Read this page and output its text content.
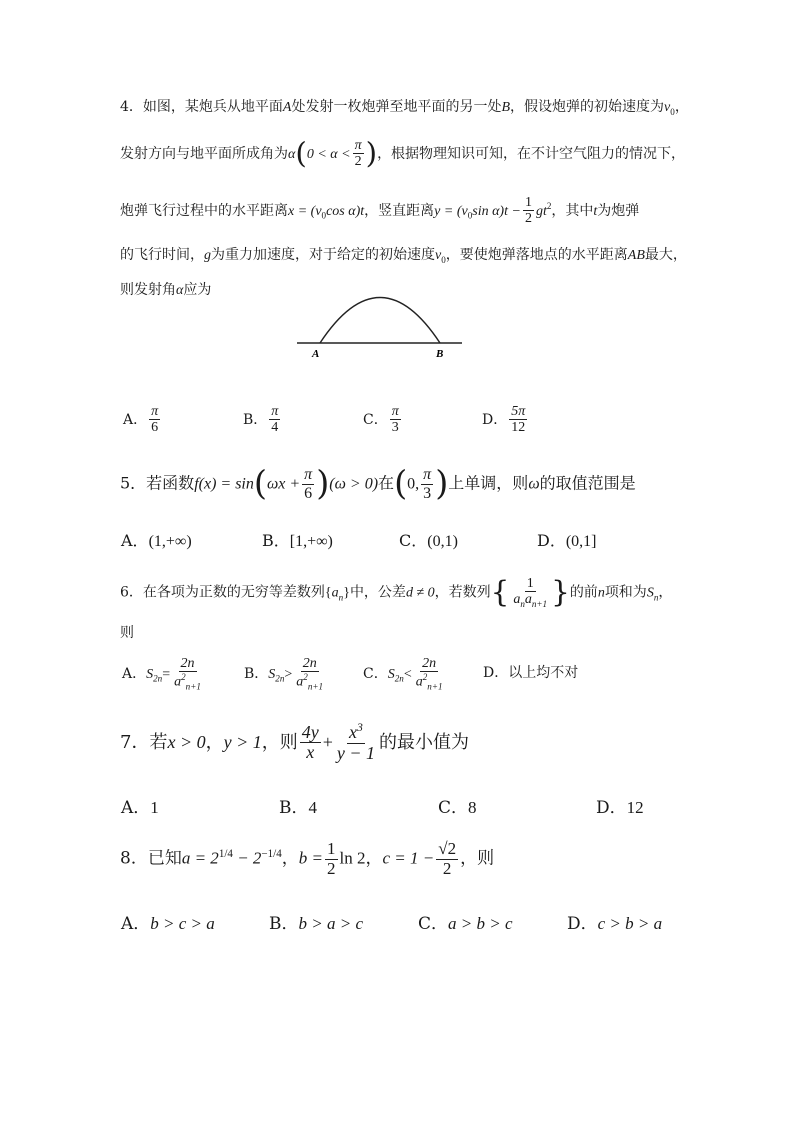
4．如图，某炮兵从地平面A处发射一枚炮弹至地平面的另一处B，假设炮弹的初始速度为$v_0$，
发射方向与地平面所成角为$\alpha(0 < \alpha < \frac{\pi}{2}$ )，根据物理知识可知，在不计空气阻力的情况下，
炮弹飞行过程中的水平距离$x = (v_0\cos$ α)t，竖直距离$y = (v_0\sin$ $\alpha)t - \frac{1}{2} gt^2$，其中t为炮弹
的飞行时间，g为重力加速度，对于给定的初始速度$v_0$，要使炮弹落地点的水平距离AB最大，
则发射角α应为
A	B
A． $\frac{\pi}{6}$	B． $\frac{\pi}{4}$	C． $\frac{\pi}{3}$	D． $\frac{5\pi}{12}$
5．若函数$f(x) = \sin(\omega x + \frac{\pi}{6} )(\omega > 0)$在(0, $\frac{\pi}{3}$ )上单调，则ω的取值范围是
A．(1,+∞)	B．[1,+∞)	C．(0,1)	D．(0,1]
6．在各项为正数的无穷等差数列$\{a_n\}$中，公差d ≠ 0，若数列{ $\frac{1}{a_na_{n+1}}$ }的前n项和为$S_n$，
则
A．$S_{2n}= \frac{2n}{a^2_{n+1}}$	B．$S_{2n}> \frac{2n}{a^2_{n+1}}$	C．$S_{2n}< \frac{2n}{a^2_{n+1}}$	D．以上均不对
7．若x > 0，y > 1，则 $\frac{4y}{x} + \frac{x^3}{y - 1}$ 的最小值为
A．1	B．4	C．8	D．12
8．已知$a = 2^{1/4} - 2^{-1/4}$，$b = \frac{1}{2}$ ln 2，$c = 1 - \frac{√2}{2}$ ，则
A．b > c > a	B．b > a > c	C．a > b > c	D．c > b > a
